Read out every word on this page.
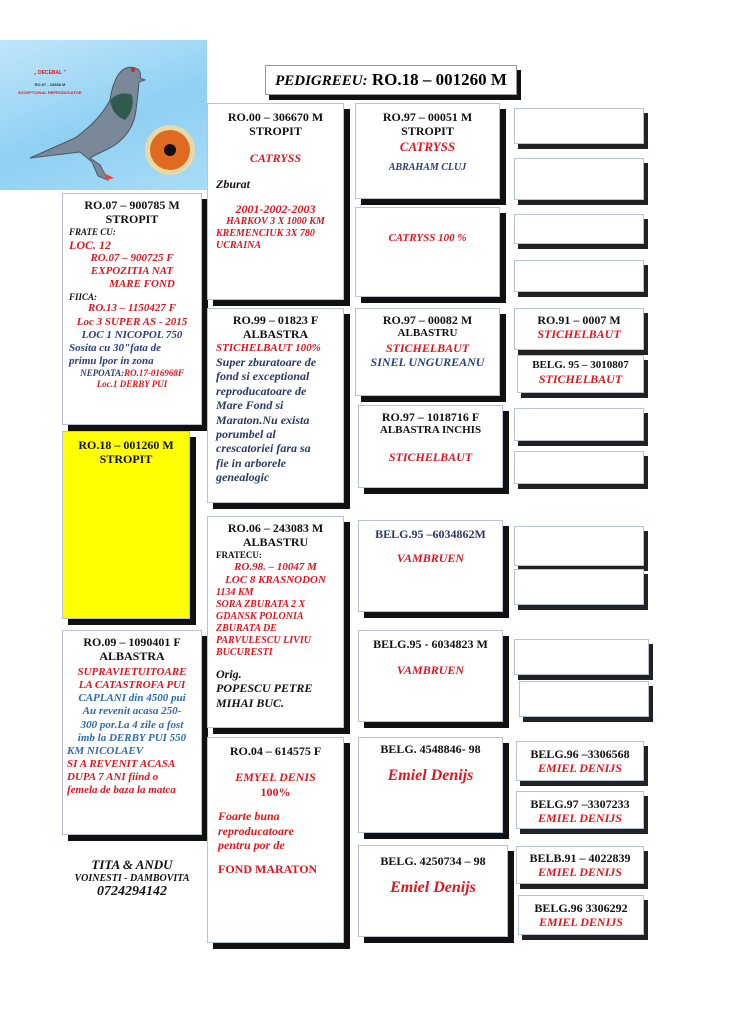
„ DECEBAL "
RO.97 - 16808 M
EXCEPTIONAL REPRODUCATOR
PEDIGREEU: RO.18 – 001260 M
RO.07 – 900785 M
STROPIT
FRATE CU:
LOC. 12
RO.07 – 900725 F
EXPOZITIA NAT
MARE FOND
FIICA:
RO.13 – 1150427 F
Loc 3 SUPER AS - 2015
LOC 1 NICOPOL 750
Sosita cu 30"fata de
primu lpor in zona
NEPOATA:RO.17-016968F
Loc.1 DERBY PUI
RO.18 – 001260 M
STROPIT
RO.09 – 1090401 F
ALBASTRA
SUPRAVIETUITOARE
LA CATASTROFA PUI
CAPLANI din 4500 pui
Au revenit acasa 250-
300 por.La 4 zile a fost
imb la DERBY PUI 550
KM NICOLAEV
SI A REVENIT ACASA
DUPA 7 ANI fiind o
femela de baza la matca
TITA & ANDU
VOINESTI - DAMBOVITA
0724294142
RO.00 – 306670 M
STROPIT
CATRYSS
Zburat
2001-2002-2003
HARKOV 3 X 1000 KM
KREMENCIUK 3X 780
UCRAINA
RO.99 – 01823 F
ALBASTRA
STICHELBAUT 100%
Super zburatoare de
fond si exceptional
reproducatoare de
Mare Fond si
Maraton.Nu exista
porumbel al
crescatoriei fara sa
fie in arborele
genealogic
RO.06 – 243083 M
ALBASTRU
FRATECU:
RO.98. – 10047 M
LOC 8 KRASNODON
1134 KM
SORA ZBURATA 2 X
GDANSK POLONIA
ZBURATA DE
PARVULESCU LIVIU
BUCURESTI
Orig.
POPESCU PETRE
MIHAI BUC.
RO.04 – 614575 F
EMYEL DENIS
100%
Foarte buna
reproducatoare
pentru por de
FOND MARATON
RO.97 – 00051 M
STROPIT
CATRYSS
ABRAHAM CLUJ
CATRYSS 100 %
RO.97 – 00082 M
ALBASTRU
STICHELBAUT
SINEL UNGUREANU
RO.97 – 1018716 F
ALBASTRA INCHIS
STICHELBAUT
BELG.95 –6034862M
VAMBRUEN
BELG.95 - 6034823 M
VAMBRUEN
BELG. 4548846- 98
Emiel Denijs
BELG. 4250734 – 98
Emiel Denijs
RO.91 – 0007 M
STICHELBAUT
BELG. 95 – 3010807
STICHELBAUT
BELG.96 –3306568
EMIEL DENIJS
BELG.97 –3307233
EMIEL DENIJS
BELB.91 – 4022839
EMIEL DENIJS
BELG.96 3306292
EMIEL DENIJS
